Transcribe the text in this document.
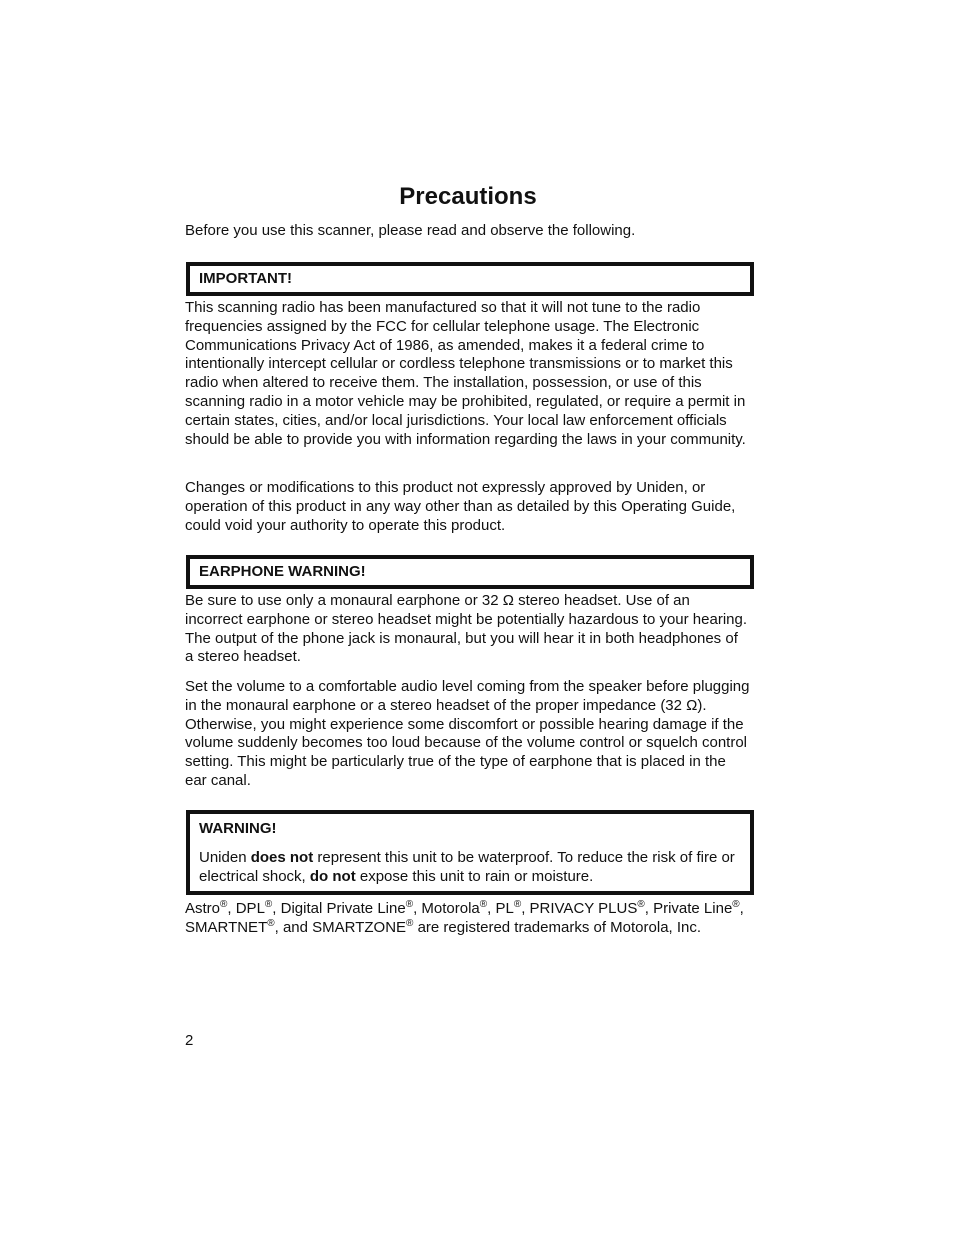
Precautions

Before you use this scanner, please read and observe the following.

IMPORTANT!

This scanning radio has been manufactured so that it will not tune to the radio frequencies assigned by the FCC for cellular telephone usage. The Electronic Communications Privacy Act of 1986, as amended, makes it a federal crime to intentionally intercept cellular or cordless telephone transmissions or to market this radio when altered to receive them. The installation, possession, or use of this scanning radio in a motor vehicle may be prohibited, regulated, or require a permit in certain states, cities, and/or local jurisdictions. Your local law enforcement officials should be able to provide you with information regarding the laws in your community.

Changes or modifications to this product not expressly approved by Uniden, or operation of this product in any way other than as detailed by this Operating Guide, could void your authority to operate this product.

EARPHONE WARNING!

Be sure to use only a monaural earphone or 32 Ω stereo headset. Use of an incorrect earphone or stereo headset might be potentially hazardous to your hearing. The output of the phone jack is monaural, but you will hear it in both headphones of a stereo headset.

Set the volume to a comfortable audio level coming from the speaker before plugging in the monaural earphone or a stereo headset of the proper impedance (32 Ω). Otherwise, you might experience some discomfort or possible hearing damage if the volume suddenly becomes too loud because of the volume control or squelch control setting. This might be particularly true of the type of earphone that is placed in the ear canal.

WARNING!

Uniden does not represent this unit to be waterproof. To reduce the risk of fire or electrical shock, do not expose this unit to rain or moisture.

Astro®, DPL®, Digital Private Line®, Motorola®, PL®, PRIVACY PLUS®, Private Line®, SMARTNET®, and SMARTZONE® are registered trademarks of Motorola, Inc.

2
